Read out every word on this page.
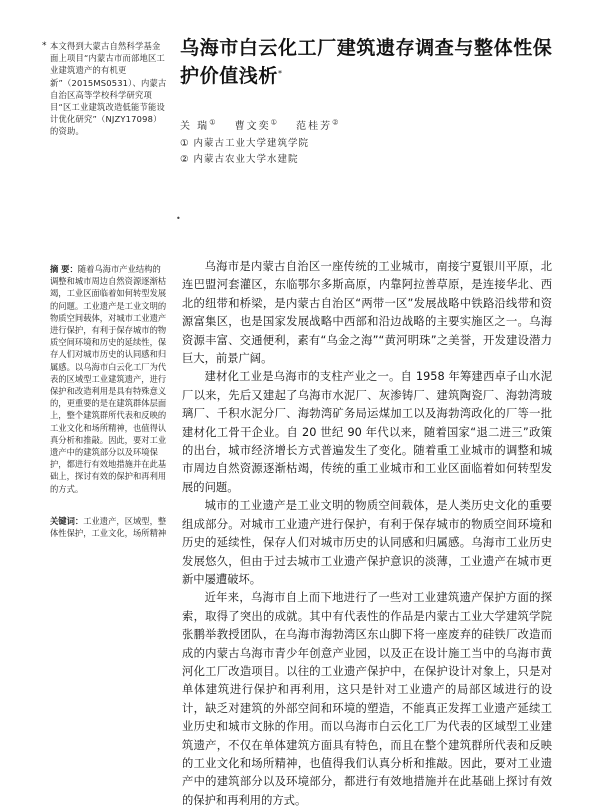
* 本文得到大蒙古自然科学基金面上项目“内蒙古市而部地区工业建筑遗产的有机更新”（2015MS0531）、内蒙古自治区高等学校科学研究项目“区工业建筑改造低能节能设计优化研究”（NJZY17098）的资助。
乌海市白云化工厂建筑遗存调查与整体性保护价值浅析*
关 瑞① 曹文奕① 范桂芳②
① 内蒙古工业大学建筑学院
② 内蒙古农业大学水建院
•
摘 要：随着乌海市产业结构的调整和城市周边自然资源逐渐枯竭，工业区面临着如何转型发展的问题。工业遗产是工业文明的物质空间载体，对城市工业遗产进行保护，有利于保存城市的物质空间环境和历史的延续性，保存人们对城市历史的认同感和归属感。以乌海市白云化工厂为代表的区域型工业建筑遗产，进行保护和改造利用是具有特殊意义的，更重要的是在建筑群体层面上，整个建筑群所代表和反映的工业文化和场所精神，也值得认真分析和推敲。因此，要对工业遗产中的建筑部分以及环境保护，都进行有效地措施并在此基础上，探讨有效的保护和再利用的方式。
关键词：工业遗产，区域型，整体性保护，工业文化，场所精神

乌海市是内蒙古自治区一座传统的工业城市，南接宁夏银川平原，北连巴盟河套灌区，东临鄂尔多斯高原，内靠阿拉善草原，是连接华北、西北的纽带和桥梁，是内蒙古自治区“两带一区”发展战略中铁路沿线带和资源富集区，也是国家发展战略中西部和沿边战略的主要实施区之一。乌海资源丰富、交通便利，素有“乌金之海”“黄河明珠”之美誉，开发建设潜力巨大，前景广阔。

建材化工业是乌海市的支柱产业之一。自 1958 年筹建西卓子山水泥厂以来，先后又建起了乌海市水泥厂、灰渗铸厂、建筑陶瓷厂、海勃湾玻璃厂、千积水泥分厂、海勃湾矿务局运煤加工以及海勃湾政化的厂等一批建材化工骨干企业。自 20 世纪 90 年代以来，随着国家“退二进三”政策的出台，城市经济增长方式普遍发生了变化。随着重工业城市的调整和城市周边自然资源逐渐枯竭，传统的重工业城市和工业区面临着如何转型发展的问题。

城市的工业遗产是工业文明的物质空间载体，是人类历史文化的重要组成部分。对城市工业遗产进行保护，有利于保存城市的物质空间环境和历史的延续性，保存人们对城市历史的认同感和归属感。乌海市工业历史发展悠久，但由于过去城市工业遗产保护意识的淡薄，工业遗产在城市更新中屡遭破坏。

近年来，乌海市自上而下地进行了一些对工业建筑遗产保护方面的探索，取得了突出的成就。其中有代表性的作品是内蒙古工业大学建筑学院张鹏举教授团队，在乌海市海勃湾区东山脚下将一座废弃的硅铁厂改造而成的内蒙古乌海市青少年创意产业园，以及正在设计施工当中的乌海市黄河化工厂改造项目。以往的工业遗产保护中，在保护设计对象上，只是对单体建筑进行保护和再利用，这只是针对工业遗产的局部区域进行的设计，缺乏对建筑的外部空间和环境的塑造，不能真正发挥工业遗产延续工业历史和城市文脉的作用。而以乌海市白云化工厂为代表的区域型工业建筑遗产，不仅在单体建筑方面具有特色，而且在整个建筑群所代表和反映的工业文化和场所精神，也值得我们认真分析和推敲。因此，要对工业遗产中的建筑部分以及环境部分，都进行有效地措施并在此基础上探讨有效的保护和再利用的方式。
